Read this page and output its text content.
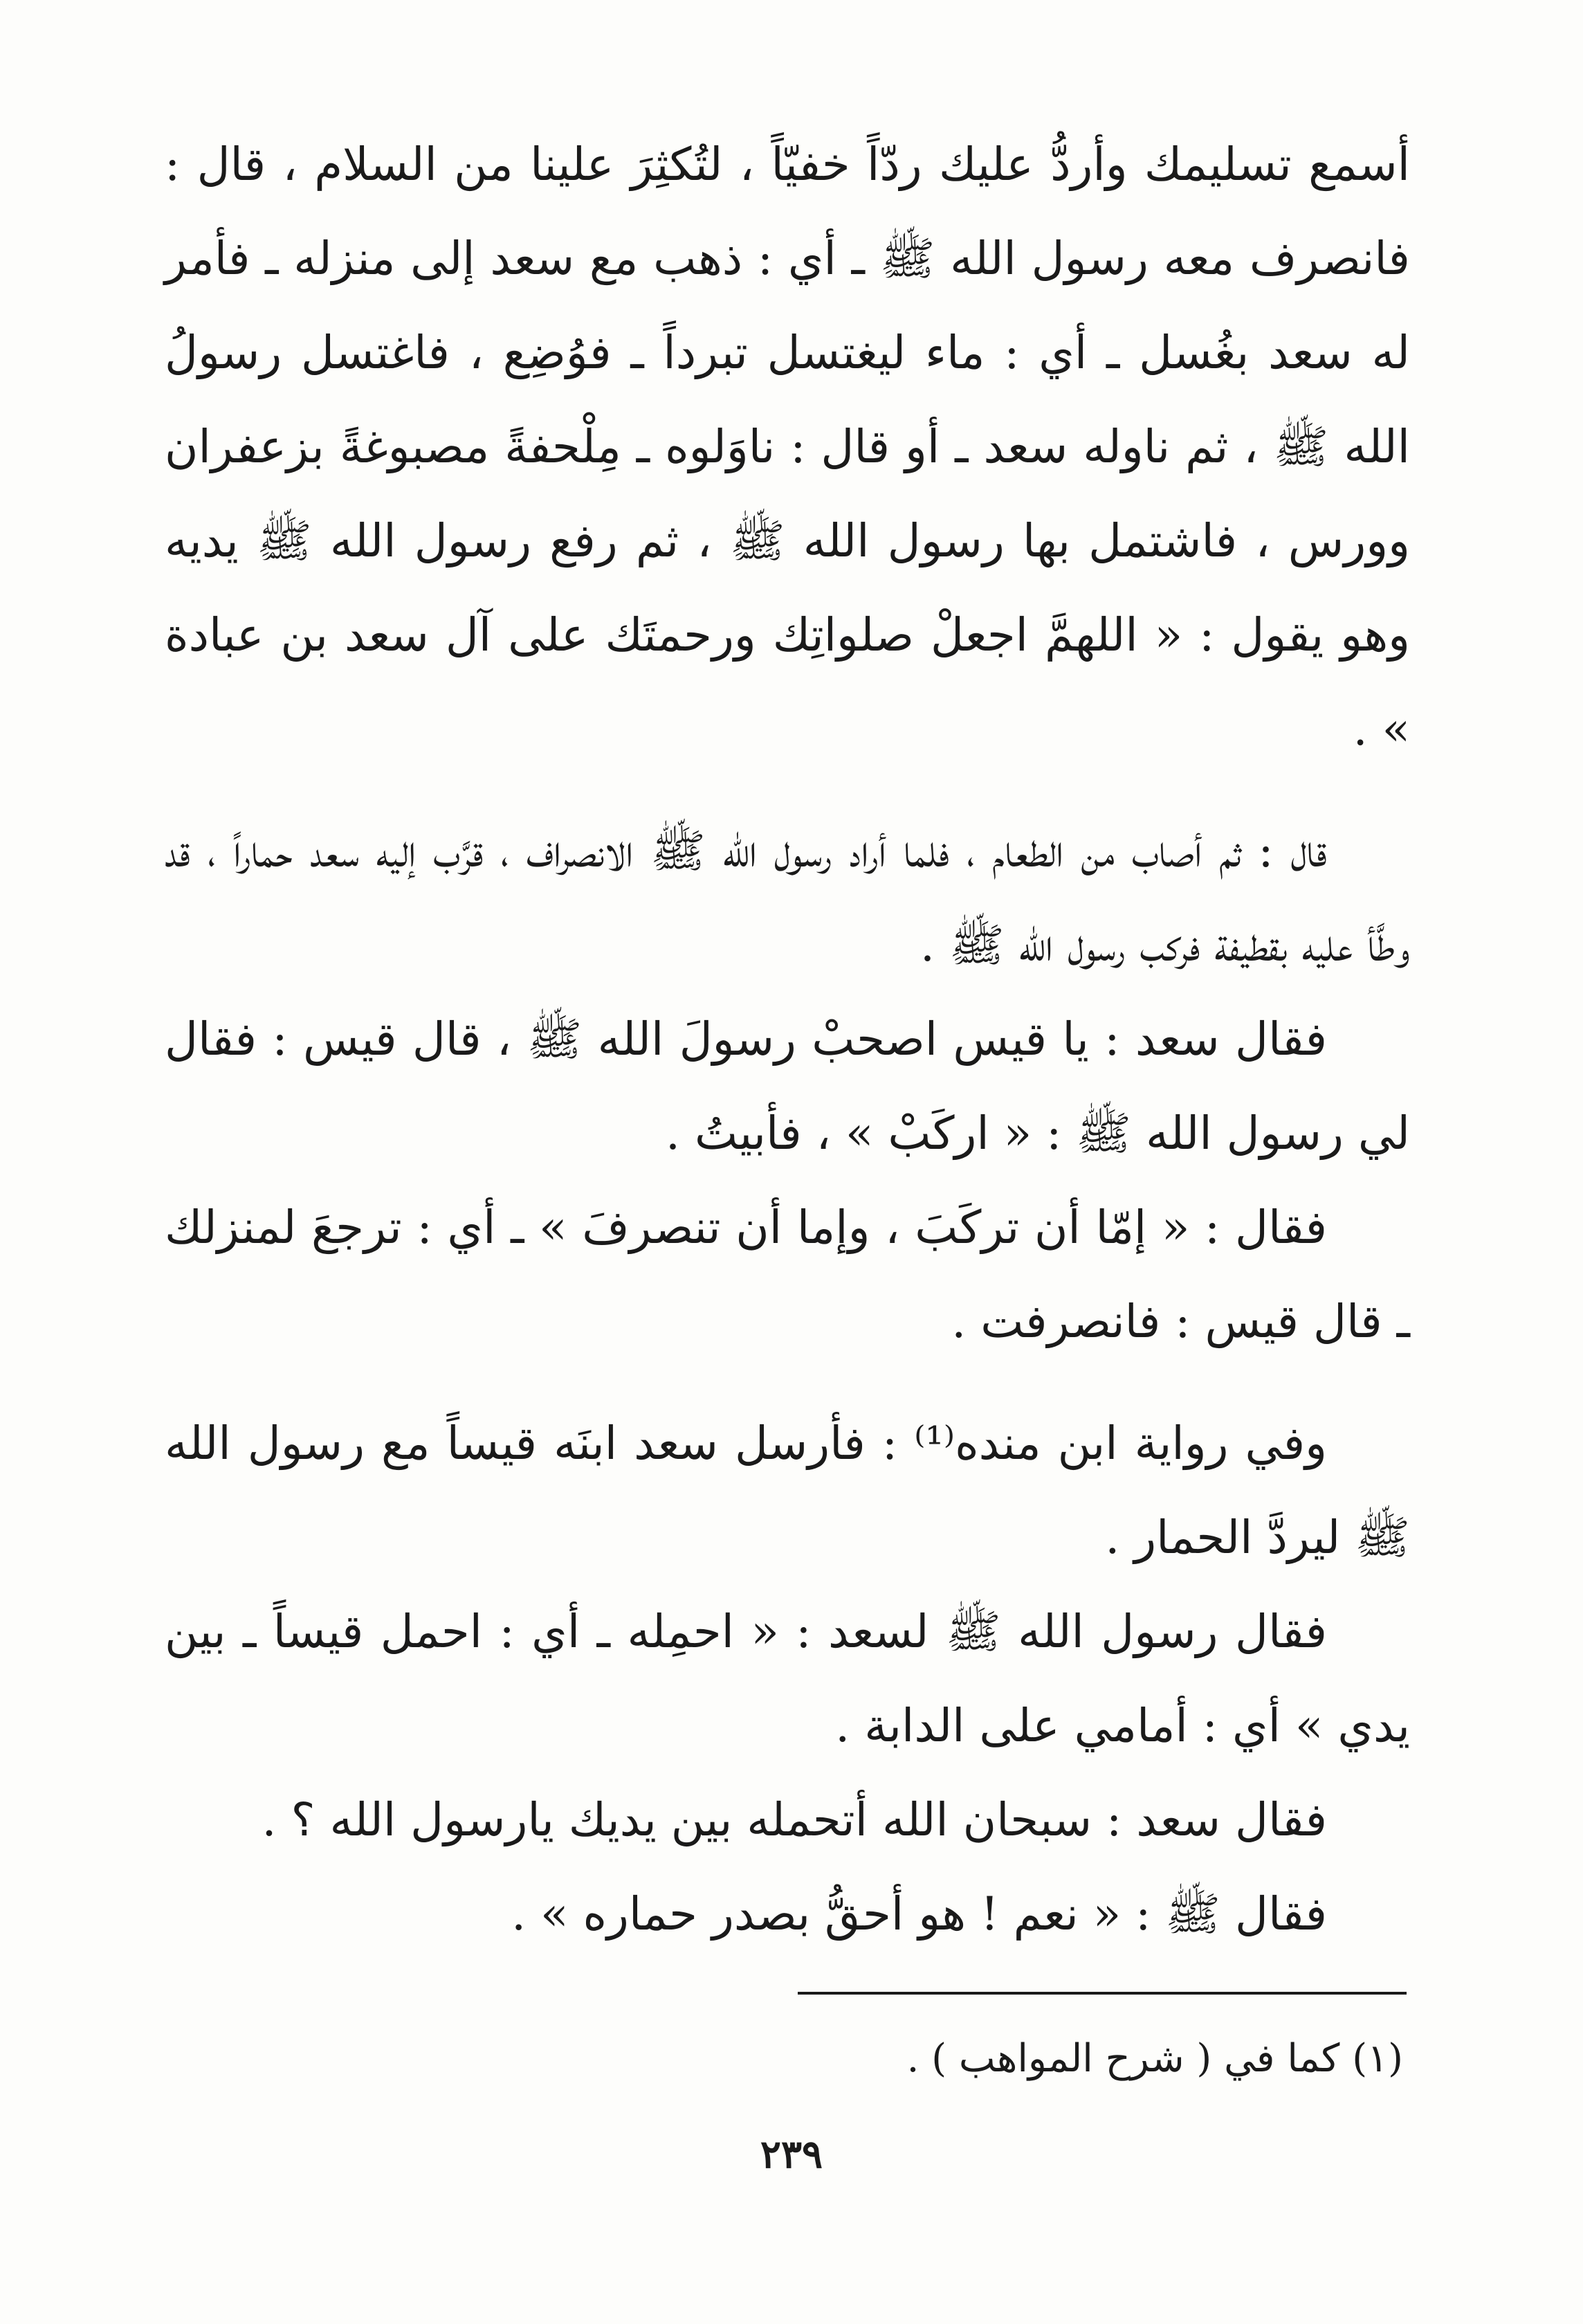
أسمع تسليمك وأردُّ عليك ردّاً خفيّاً ، لتُكثِرَ علينا من السلام ، قال : فانصرف معه رسول الله ﷺ ـ أي : ذهب مع سعد إلى منزله ـ فأمر له سعد بغُسل ـ أي : ماء ليغتسل تبرداً ـ فوُضِع ، فاغتسل رسولُ الله ﷺ ، ثم ناوله سعد ـ أو قال : ناوَلوه ـ مِلْحفةً مصبوغةً بزعفران وورس ، فاشتمل بها رسول الله ﷺ ، ثم رفع رسول الله ﷺ يديه وهو يقول : « اللهمَّ اجعلْ صلواتِك ورحمتَك على آل سعد بن عبادة » .

قال : ثم أصاب من الطعام ، فلما أراد رسول الله ﷺ الانصراف ، قرَّب إليه سعد حماراً ، قد وطَّأ عليه بقطيفة فركب رسول الله ﷺ .

فقال سعد : يا قيس اصحبْ رسولَ الله ﷺ ، قال قيس : فقال لي رسول الله ﷺ : « اركَبْ » ، فأبيتُ .

فقال : « إمّا أن تركَبَ ، وإما أن تنصرفَ » ـ أي : ترجعَ لمنزلك ـ قال قيس : فانصرفت .

وفي رواية ابن منده⁽¹⁾ : فأرسل سعد ابنَه قيساً مع رسول الله ﷺ ليردَّ الحمار .

فقال رسول الله ﷺ لسعد : « احمِله ـ أي : احمل قيساً ـ بين يدي » أي : أمامي على الدابة .

فقال سعد : سبحان الله أتحمله بين يديك يارسول الله ؟ .

فقال ﷺ : « نعم ! هو أحقُّ بصدر حماره » .

(١) كما في ( شرح المواهب ) .

٢٣٩
